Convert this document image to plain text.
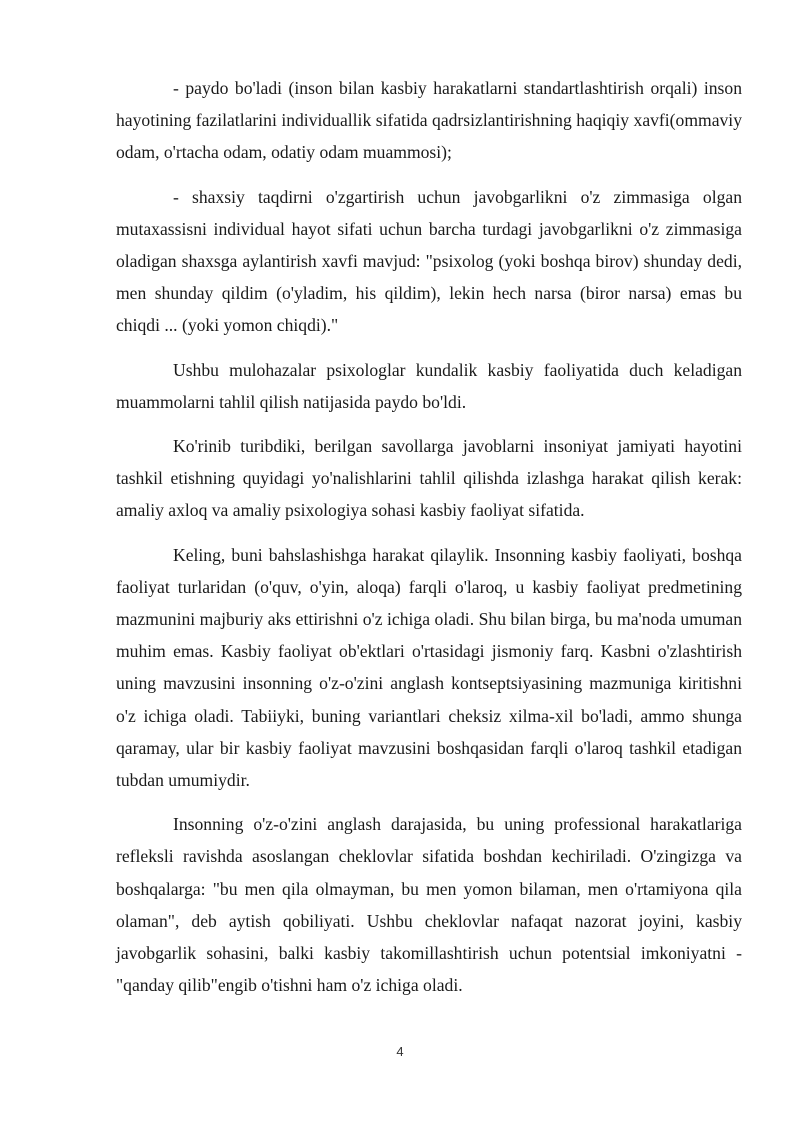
- paydo bo'ladi (inson bilan kasbiy harakatlarni standartlashtirish orqali) inson hayotining fazilatlarini individuallik sifatida qadrsizlantirishning haqiqiy xavfi(ommaviy odam, o'rtacha odam, odatiy odam muammosi);

- shaxsiy taqdirni o'zgartirish uchun javobgarlikni o'z zimmasiga olgan mutaxassisni individual hayot sifati uchun barcha turdagi javobgarlikni o'z zimmasiga oladigan shaxsga aylantirish xavfi mavjud: "psixolog (yoki boshqa birov) shunday dedi, men shunday qildim (o'yladim, his qildim), lekin hech narsa (biror narsa) emas bu chiqdi ... (yoki yomon chiqdi)."

Ushbu mulohazalar psixologlar kundalik kasbiy faoliyatida duch keladigan muammolarni tahlil qilish natijasida paydo bo'ldi.

Ko'rinib turibdiki, berilgan savollarga javoblarni insoniyat jamiyati hayotini tashkil etishning quyidagi yo'nalishlarini tahlil qilishda izlashga harakat qilish kerak: amaliy axloq va amaliy psixologiya sohasi kasbiy faoliyat sifatida.

Keling, buni bahslashishga harakat qilaylik. Insonning kasbiy faoliyati, boshqa faoliyat turlaridan (o'quv, o'yin, aloqa) farqli o'laroq, u kasbiy faoliyat predmetining mazmunini majburiy aks ettirishni o'z ichiga oladi. Shu bilan birga, bu ma'noda umuman muhim emas. Kasbiy faoliyat ob'ektlari o'rtasidagi jismoniy farq. Kasbni o'zlashtirish uning mavzusini insonning o'z-o'zini anglash kontseptsiyasining mazmuniga kiritishni o'z ichiga oladi. Tabiiyki, buning variantlari cheksiz xilma-xil bo'ladi, ammo shunga qaramay, ular bir kasbiy faoliyat mavzusini boshqasidan farqli o'laroq tashkil etadigan tubdan umumiydir.

Insonning o'z-o'zini anglash darajasida, bu uning professional harakatlariga refleksli ravishda asoslangan cheklovlar sifatida boshdan kechiriladi. O'zingizga va boshqalarga: "bu men qila olmayman, bu men yomon bilaman, men o'rtamiyona qila olaman", deb aytish qobiliyati. Ushbu cheklovlar nafaqat nazorat joyini, kasbiy javobgarlik sohasini, balki kasbiy takomillashtirish uchun potentsial imkoniyatni - "qanday qilib"engib o'tishni ham o'z ichiga oladi.

4
